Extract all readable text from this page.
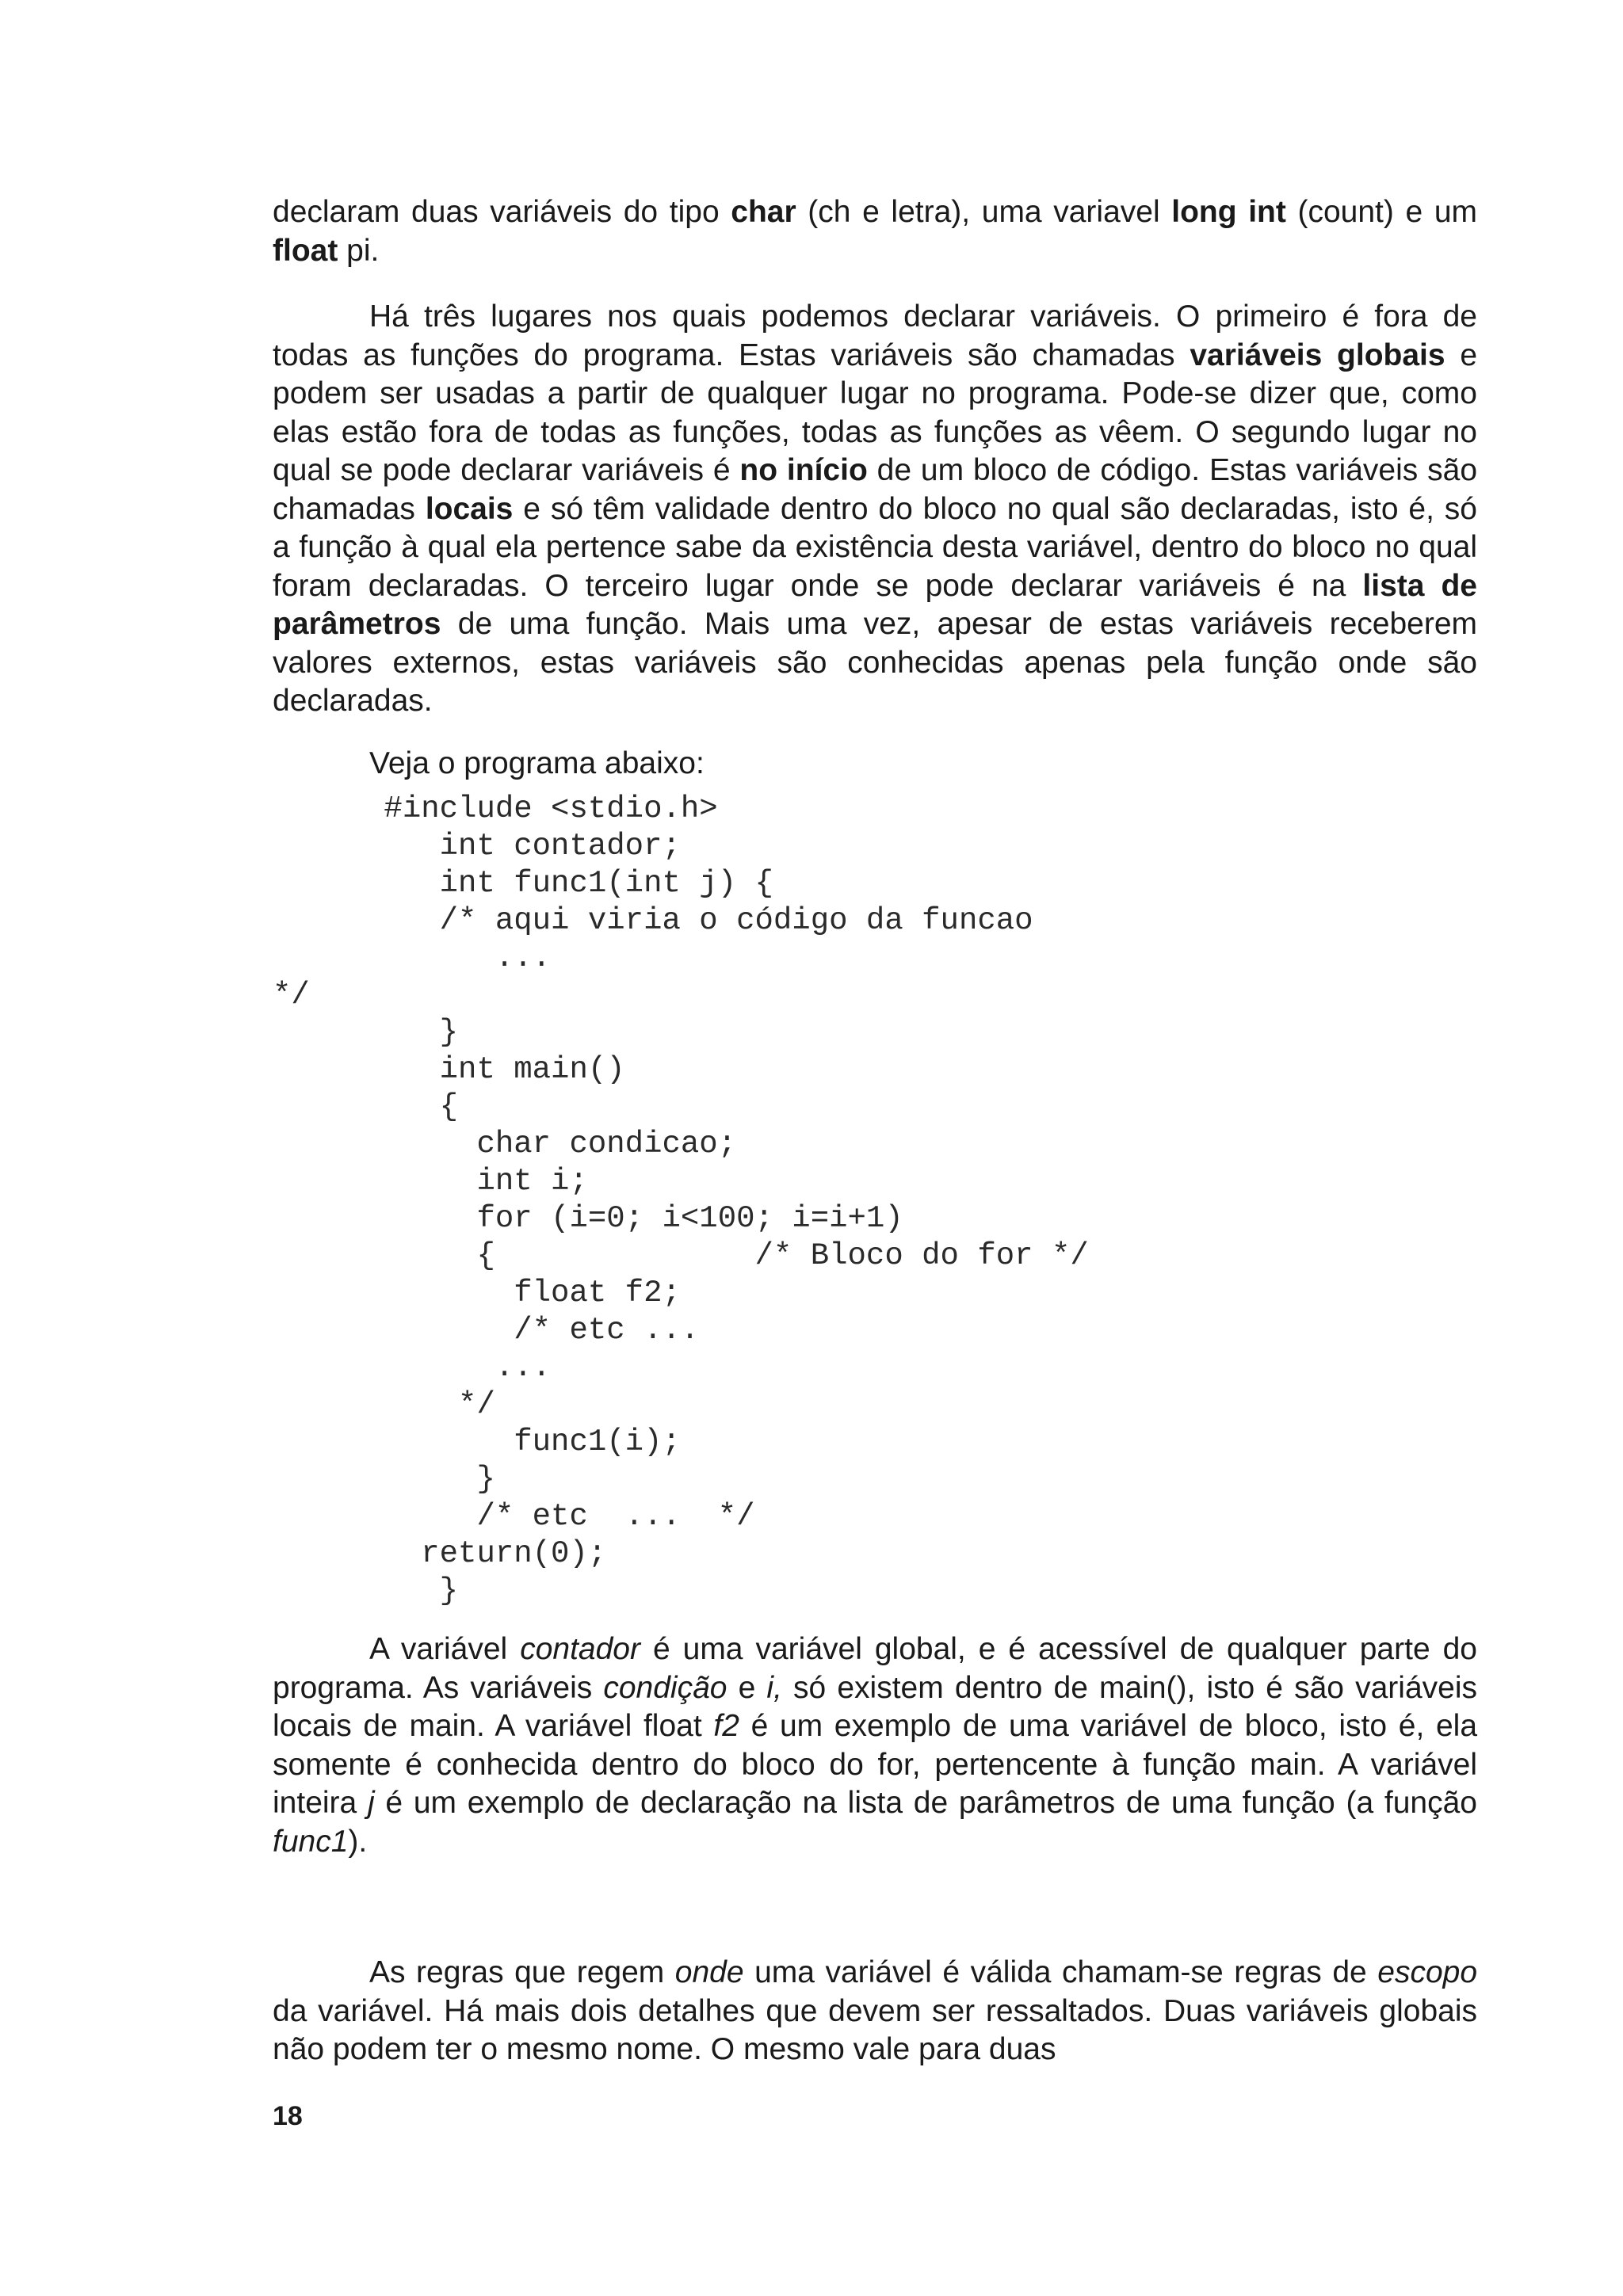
declaram duas variáveis do tipo char (ch e letra), uma variavel long int (count) e um float pi.

Há três lugares nos quais podemos declarar variáveis. O primeiro é fora de todas as funções do programa. Estas variáveis são chamadas variáveis globais e podem ser usadas a partir de qualquer lugar no programa. Pode-se dizer que, como elas estão fora de todas as funções, todas as funções as vêem. O segundo lugar no qual se pode declarar variáveis é no início de um bloco de código. Estas variáveis são chamadas locais e só têm validade dentro do bloco no qual são declaradas, isto é, só a função à qual ela pertence sabe da existência desta variável, dentro do bloco no qual foram declaradas. O terceiro lugar onde se pode declarar variáveis é na lista de parâmetros de uma função. Mais uma vez, apesar de estas variáveis receberem valores externos, estas variáveis são conhecidas apenas pela função onde são declaradas.

Veja o programa abaixo:

#include <stdio.h>
int contador;
int func1(int j) {
/* aqui viria o código da funcao
...
*/
}
int main()
{
char condicao;
int i;
for (i=0; i<100; i=i+1)
{              /* Bloco do for */
float f2;
/* etc ...
...
*/
func1(i);
}
/* etc  ...  */
return(0);
}

A variável contador é uma variável global, e é acessível de qualquer parte do programa. As variáveis condição e i, só existem dentro de main(), isto é são variáveis locais de main. A variável float f2 é um exemplo de uma variável de bloco, isto é, ela somente é conhecida dentro do bloco do for, pertencente à função main. A variável inteira j é um exemplo de declaração na lista de parâmetros de uma função (a função func1).

As regras que regem onde uma variável é válida chamam-se regras de escopo da variável. Há mais dois detalhes que devem ser ressaltados. Duas variáveis globais não podem ter o mesmo nome. O mesmo vale para duas

18
